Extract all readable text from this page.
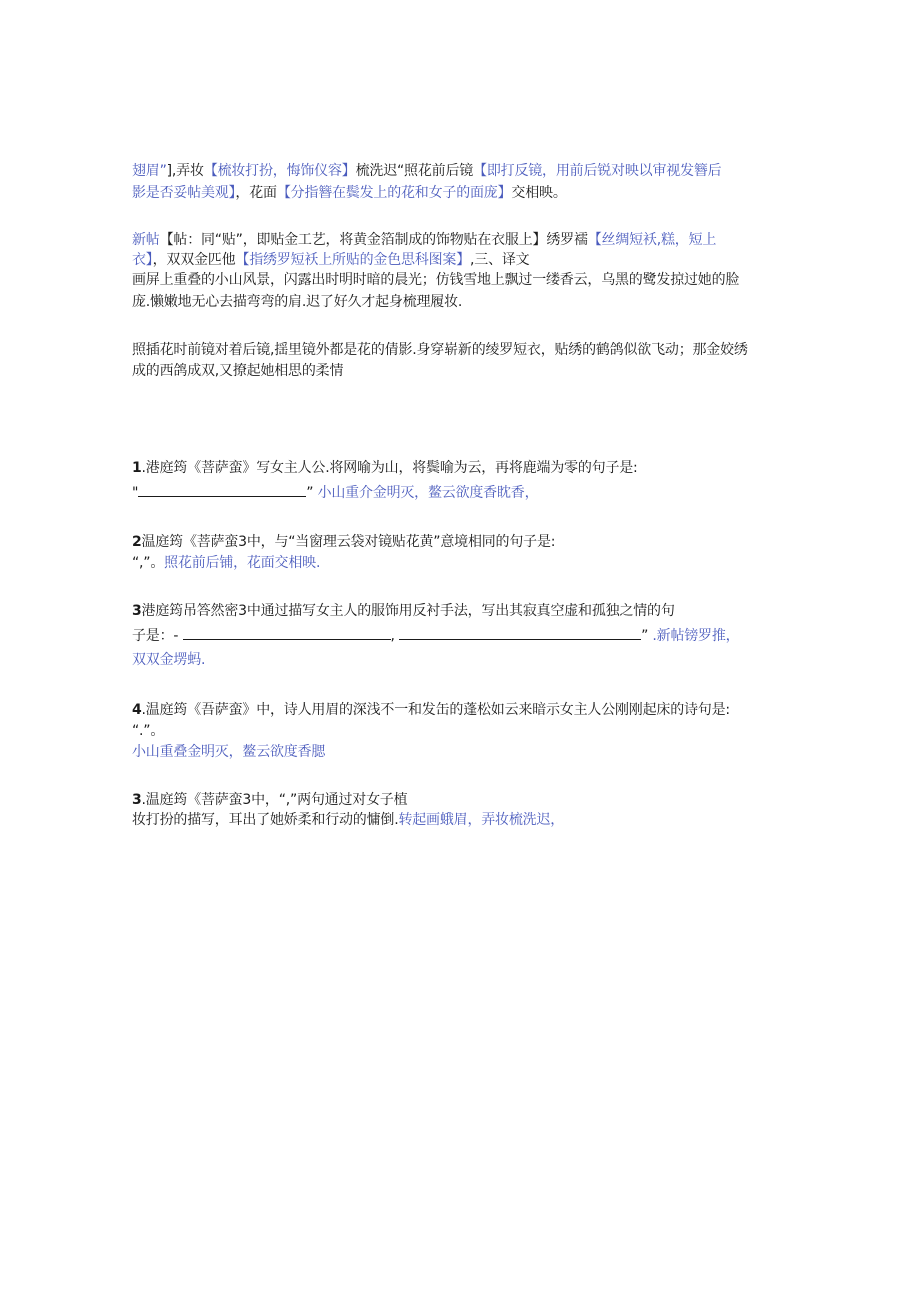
翅眉”],弄妆【梳妆打扮，悔饰仪容】梳洗迟“照花前后镜【即打反镜，用前后锐对映以审视发簪后
影是否妥帖美观】，花面【分指簪在鬓发上的花和女子的面庞】交相映。
新帖【帖：同“贴”，即贴金工艺，将黄金箔制成的饰物贴在衣服上】绣罗襦【丝绸短袄,糕，短上
衣】，双双金匹他【指绣罗短袄上所贴的金色思科图案】,三、译文
画屏上重叠的小山风景，闪露出时明时暗的晨光；仿钱雪地上飘过一缕香云，乌黑的鹭发掠过她的脸
庞.懒嫩地无心去描弯弯的肩.迟了好久才起身梳理履妆.
照插花时前镜对着后镜,揺里镜外都是花的倩影.身穿崭新的绫罗短衣，贴绣的鹤鸽似欲飞动；那金姣绣
成的西鸽成双,又撩起她相思的柔情
1.港庭筠《菩萨蛮》写女主人公.将网喻为山，将鬓喻为云，再将鹿端为零的句子是:
"	” 小山重介金明灭，鳌云欲度香眈香，
2温庭筠《菩萨蛮3中，与“当窗理云袋对镜贴花黄”意境相同的句子是:
“,”。照花前后铺，花面交相映.
3港庭筠吊答然密3中通过描写女主人的服饰用反衬手法，写出其寂真空虚和孤独之情的句
子是：-	,	” .新帖镑罗推，
双双金塄蚂.
4.温庭筠《吾萨蛮》中，诗人用眉的深浅不一和发缶的蓬松如云来暗示女主人公刚刚起床的诗句是:
“.”。
小山重叠金明灭，鳌云欲度香腮
3.温庭筠《菩萨蛮3中，“,”两句通过对女子植
妆打扮的描写，耳出了她娇柔和行动的慵倒.转起画蛾眉，弄妆梳洗迟，
